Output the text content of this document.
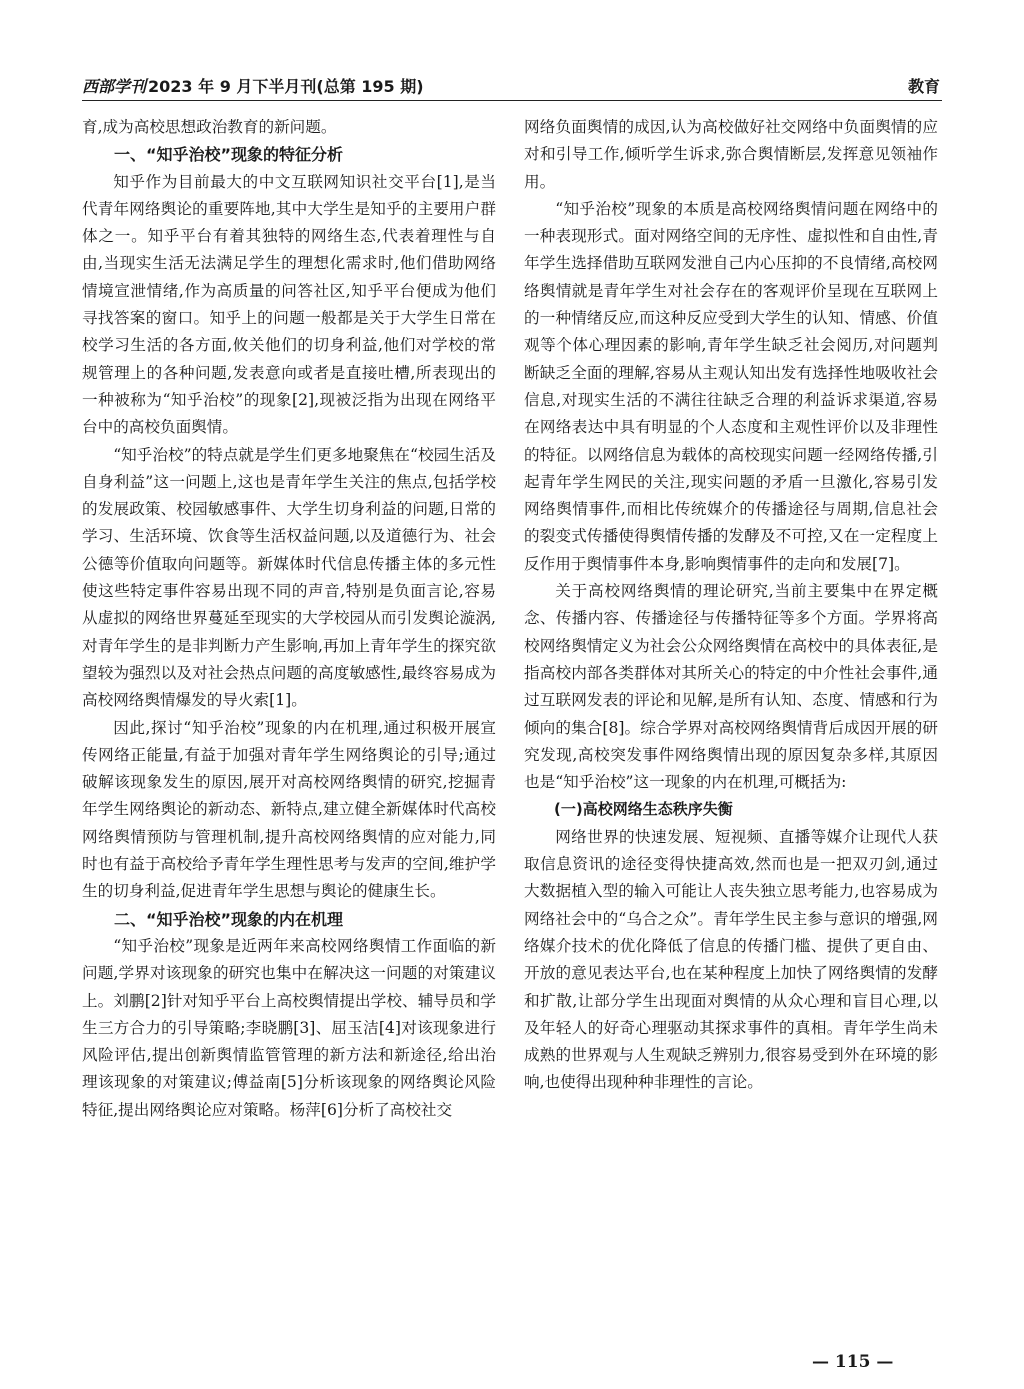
西部学刊 2023 年 9 月下半月刊(总第 195 期)	教育

育,成为高校思想政治教育的新问题。

一、“知乎治校”现象的特征分析

知乎作为目前最大的中文互联网知识社交平台[1],是当代青年网络舆论的重要阵地,其中大学生是知乎的主要用户群体之一。知乎平台有着其独特的网络生态,代表着理性与自由,当现实生活无法满足学生的理想化需求时,他们借助网络情境宣泄情绪,作为高质量的问答社区,知乎平台便成为他们寻找答案的窗口。知乎上的问题一般都是关于大学生日常在校学习生活的各方面,攸关他们的切身利益,他们对学校的常规管理上的各种问题,发表意向或者是直接吐槽,所表现出的一种被称为“知乎治校”的现象[2],现被泛指为出现在网络平台中的高校负面舆情。

“知乎治校”的特点就是学生们更多地聚焦在“校园生活及自身利益”这一问题上,这也是青年学生关注的焦点,包括学校的发展政策、校园敏感事件、大学生切身利益的问题,日常的学习、生活环境、饮食等生活权益问题,以及道德行为、社会公德等价值取向问题等。新媒体时代信息传播主体的多元性使这些特定事件容易出现不同的声音,特别是负面言论,容易从虚拟的网络世界蔓延至现实的大学校园从而引发舆论漩涡,对青年学生的是非判断力产生影响,再加上青年学生的探究欲望较为强烈以及对社会热点问题的高度敏感性,最终容易成为高校网络舆情爆发的导火索[1]。

因此,探讨“知乎治校”现象的内在机理,通过积极开展宣传网络正能量,有益于加强对青年学生网络舆论的引导;通过破解该现象发生的原因,展开对高校网络舆情的研究,挖掘青年学生网络舆论的新动态、新特点,建立健全新媒体时代高校网络舆情预防与管理机制,提升高校网络舆情的应对能力,同时也有益于高校给予青年学生理性思考与发声的空间,维护学生的切身利益,促进青年学生思想与舆论的健康生长。

二、“知乎治校”现象的内在机理

“知乎治校”现象是近两年来高校网络舆情工作面临的新问题,学界对该现象的研究也集中在解决这一问题的对策建议上。刘鹏[2]针对知乎平台上高校舆情提出学校、辅导员和学生三方合力的引导策略;李晓鹏[3]、屈玉洁[4]对该现象进行风险评估,提出创新舆情监管管理的新方法和新途径,给出治理该现象的对策建议;傅益南[5]分析该现象的网络舆论风险特征,提出网络舆论应对策略。杨萍[6]分析了高校社交

网络负面舆情的成因,认为高校做好社交网络中负面舆情的应对和引导工作,倾听学生诉求,弥合舆情断层,发挥意见领袖作用。

“知乎治校”现象的本质是高校网络舆情问题在网络中的一种表现形式。面对网络空间的无序性、虚拟性和自由性,青年学生选择借助互联网发泄自己内心压抑的不良情绪,高校网络舆情就是青年学生对社会存在的客观评价呈现在互联网上的一种情绪反应,而这种反应受到大学生的认知、情感、价值观等个体心理因素的影响,青年学生缺乏社会阅历,对问题判断缺乏全面的理解,容易从主观认知出发有选择性地吸收社会信息,对现实生活的不满往往缺乏合理的利益诉求渠道,容易在网络表达中具有明显的个人态度和主观性评价以及非理性的特征。以网络信息为载体的高校现实问题一经网络传播,引起青年学生网民的关注,现实问题的矛盾一旦激化,容易引发网络舆情事件,而相比传统媒介的传播途径与周期,信息社会的裂变式传播使得舆情传播的发酵及不可控,又在一定程度上反作用于舆情事件本身,影响舆情事件的走向和发展[7]。

关于高校网络舆情的理论研究,当前主要集中在界定概念、传播内容、传播途径与传播特征等多个方面。学界将高校网络舆情定义为社会公众网络舆情在高校中的具体表征,是指高校内部各类群体对其所关心的特定的中介性社会事件,通过互联网发表的评论和见解,是所有认知、态度、情感和行为倾向的集合[8]。综合学界对高校网络舆情背后成因开展的研究发现,高校突发事件网络舆情出现的原因复杂多样,其原因也是“知乎治校”这一现象的内在机理,可概括为:

(一)高校网络生态秩序失衡

网络世界的快速发展、短视频、直播等媒介让现代人获取信息资讯的途径变得快捷高效,然而也是一把双刃剑,通过大数据植入型的输入可能让人丧失独立思考能力,也容易成为网络社会中的“乌合之众”。青年学生民主参与意识的增强,网络媒介技术的优化降低了信息的传播门槛、提供了更自由、开放的意见表达平台,也在某种程度上加快了网络舆情的发酵和扩散,让部分学生出现面对舆情的从众心理和盲目心理,以及年轻人的好奇心理驱动其探求事件的真相。青年学生尚未成熟的世界观与人生观缺乏辨别力,很容易受到外在环境的影响,也使得出现种种非理性的言论。

— 115 —
